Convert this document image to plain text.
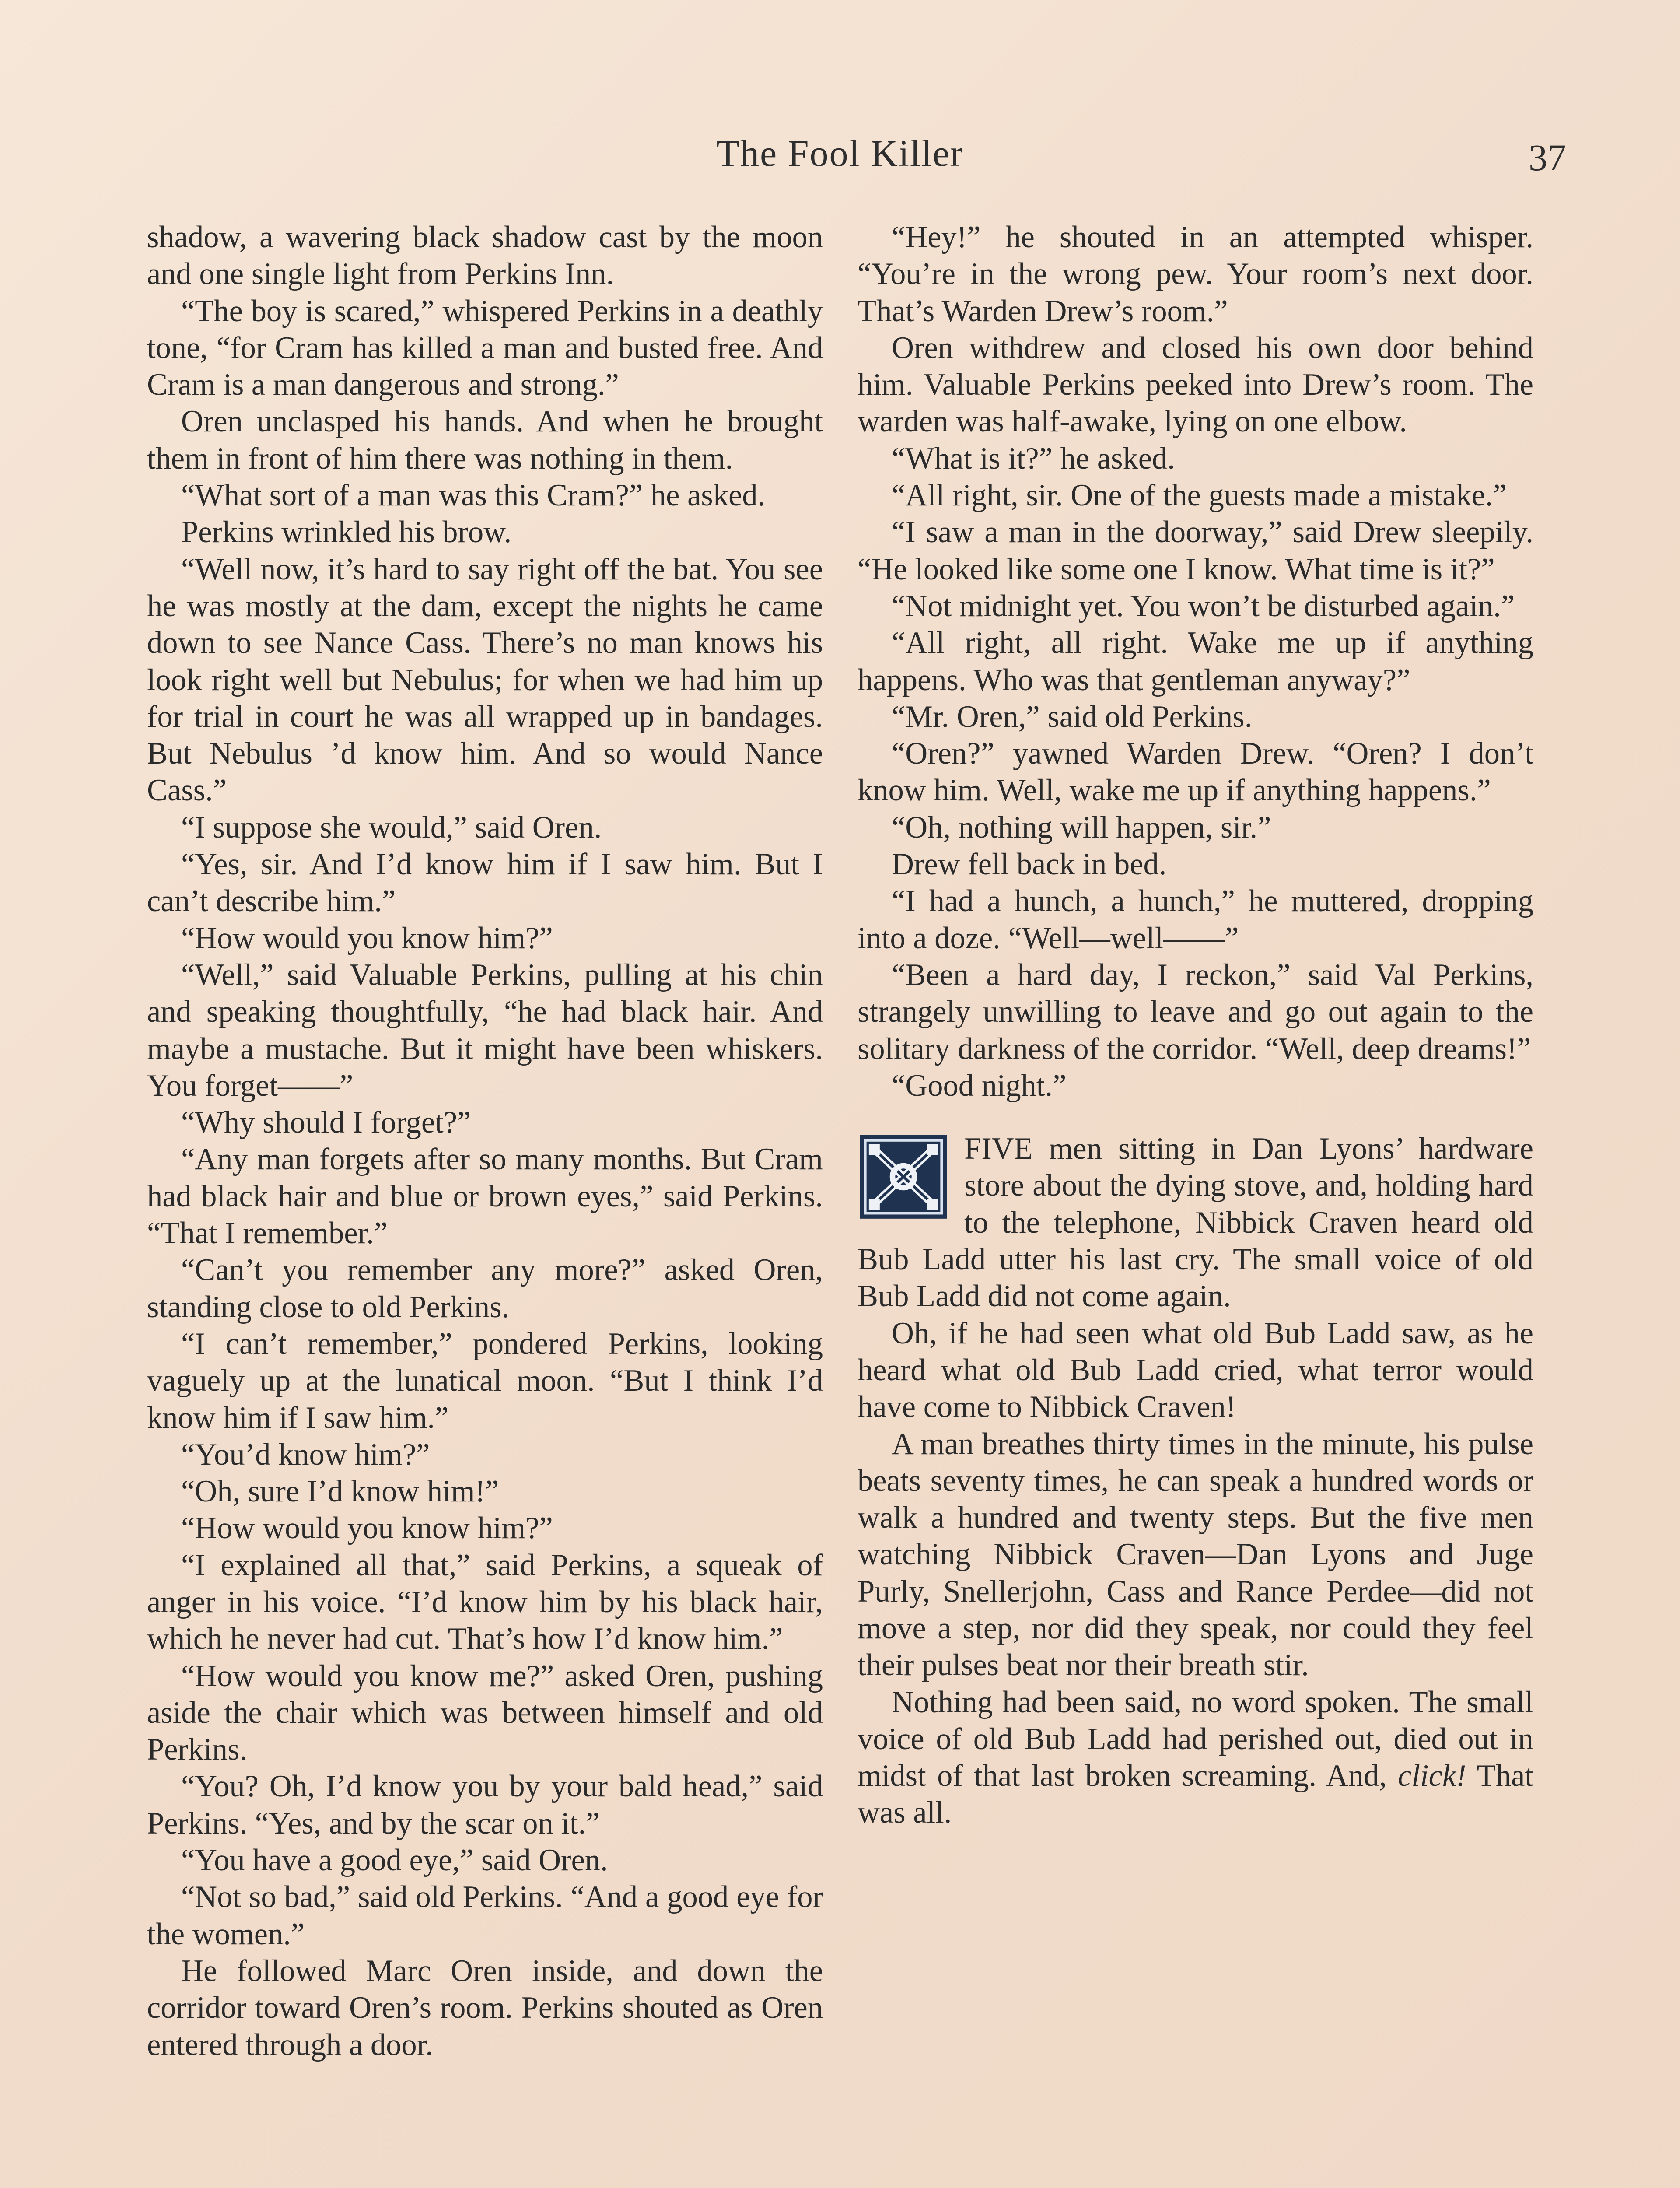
The Fool Killer	37

shadow, a wavering black shadow cast by the moon and one single light from Perkins Inn.

“The boy is scared,” whispered Perkins in a deathly tone, “for Cram has killed a man and busted free. And Cram is a man dangerous and strong.”

Oren unclasped his hands. And when he brought them in front of him there was nothing in them.

“What sort of a man was this Cram?” he asked.

Perkins wrinkled his brow.

“Well now, it’s hard to say right off the bat. You see he was mostly at the dam, except the nights he came down to see Nance Cass. There’s no man knows his look right well but Nebulus; for when we had him up for trial in court he was all wrapped up in bandages. But Nebulus ’d know him. And so would Nance Cass.”

“I suppose she would,” said Oren.

“Yes, sir. And I’d know him if I saw him. But I can’t describe him.”

“How would you know him?”

“Well,” said Valuable Perkins, pulling at his chin and speaking thoughtfully, “he had black hair. And maybe a mustache. But it might have been whiskers. You forget——”

“Why should I forget?”

“Any man forgets after so many months. But Cram had black hair and blue or brown eyes,” said Perkins. “That I remember.”

“Can’t you remember any more?” asked Oren, standing close to old Perkins.

“I can’t remember,” pondered Perkins, looking vaguely up at the lunatical moon. “But I think I’d know him if I saw him.”

“You’d know him?”

“Oh, sure I’d know him!”

“How would you know him?”

“I explained all that,” said Perkins, a squeak of anger in his voice. “I’d know him by his black hair, which he never had cut. That’s how I’d know him.”

“How would you know me?” asked Oren, pushing aside the chair which was between himself and old Perkins.

“You? Oh, I’d know you by your bald head,” said Perkins. “Yes, and by the scar on it.”

“You have a good eye,” said Oren.

“Not so bad,” said old Perkins. “And a good eye for the women.”

He followed Marc Oren inside, and down the corridor toward Oren’s room. Perkins shouted as Oren entered through a door.

“Hey!” he shouted in an attempted whisper. “You’re in the wrong pew. Your room’s next door. That’s Warden Drew’s room.”

Oren withdrew and closed his own door behind him. Valuable Perkins peeked into Drew’s room. The warden was half-awake, lying on one elbow.

“What is it?” he asked.

“All right, sir. One of the guests made a mistake.”

“I saw a man in the doorway,” said Drew sleepily. “He looked like some one I know. What time is it?”

“Not midnight yet. You won’t be disturbed again.”

“All right, all right. Wake me up if anything happens. Who was that gentleman anyway?”

“Mr. Oren,” said old Perkins.

“Oren?” yawned Warden Drew. “Oren? I don’t know him. Well, wake me up if anything happens.”

“Oh, nothing will happen, sir.”

Drew fell back in bed.

“I had a hunch, a hunch,” he muttered, dropping into a doze. “Well—well——”

“Been a hard day, I reckon,” said Val Perkins, strangely unwilling to leave and go out again to the solitary darkness of the corridor. “Well, deep dreams!”

“Good night.”

FIVE men sitting in Dan Lyons’ hardware store about the dying stove, and, holding hard to the telephone, Nibbick Craven heard old Bub Ladd utter his last cry. The small voice of old Bub Ladd did not come again.

Oh, if he had seen what old Bub Ladd saw, as he heard what old Bub Ladd cried, what terror would have come to Nibbick Craven!

A man breathes thirty times in the minute, his pulse beats seventy times, he can speak a hundred words or walk a hundred and twenty steps. But the five men watching Nibbick Craven—Dan Lyons and Juge Purly, Snellerjohn, Cass and Rance Perdee—did not move a step, nor did they speak, nor could they feel their pulses beat nor their breath stir.

Nothing had been said, no word spoken. The small voice of old Bub Ladd had perished out, died out in midst of that last broken screaming. And, click! That was all.
